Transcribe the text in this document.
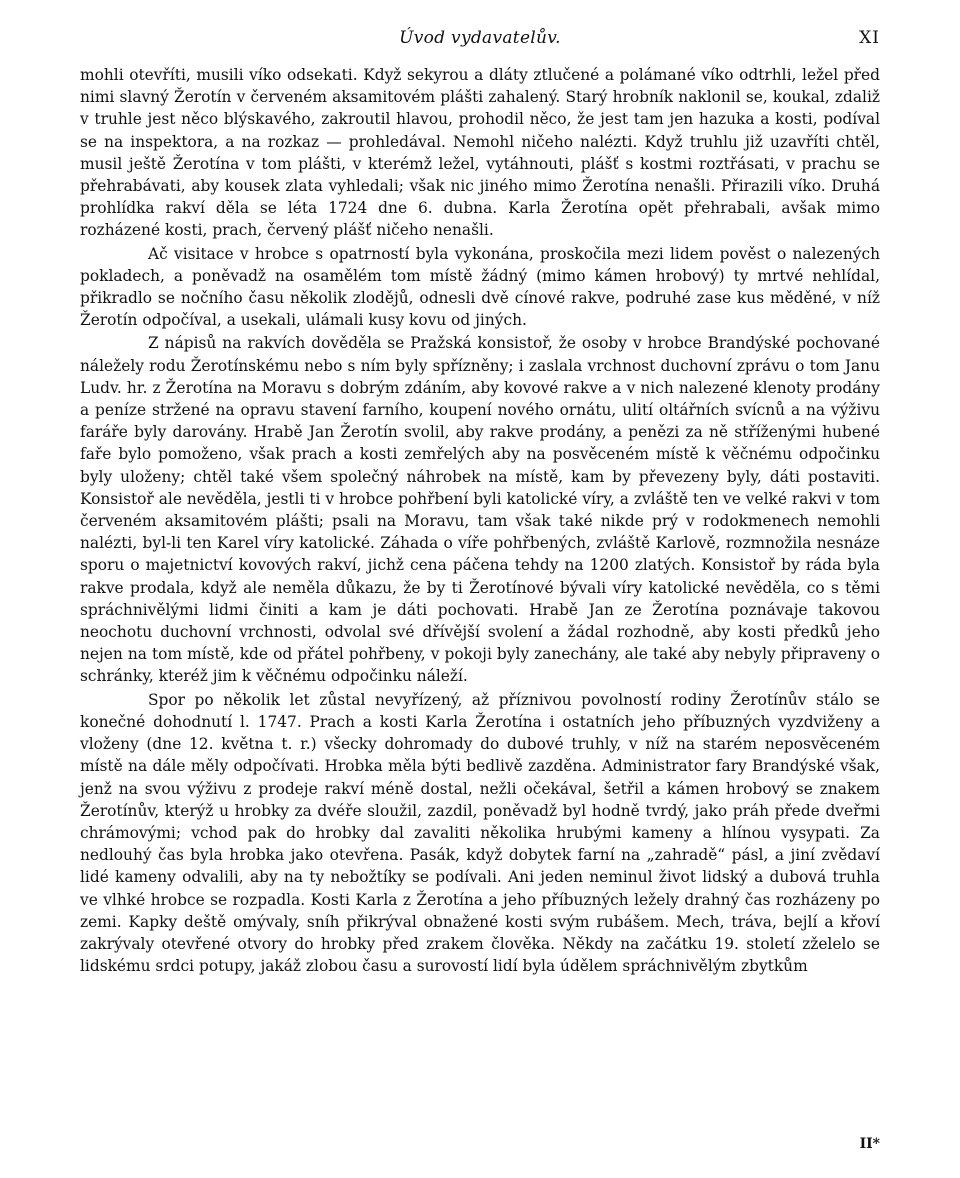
Úvod vydavatelův.	XI

mohli otevříti, musili víko odsekati. Když sekyrou a dláty ztlučené a polámané víko odtrhli, ležel před nimi slavný Žerotín v červeném aksamitovém plášti zahalený. Starý hrobník naklonil se, koukal, zdaliž v truhle jest něco blýskavého, zakroutil hlavou, prohodil něco, že jest tam jen hazuka a kosti, podíval se na inspektora, a na rozkaz — prohledával. Nemohl ničeho nalézti. Když truhlu již uzavříti chtěl, musil ještě Žerotína v tom plášti, v kterémž ležel, vytáhnouti, plášť s kostmi roztřásati, v prachu se přehrabávati, aby kousek zlata vyhledali; však nic jiného mimo Žerotína nenašli. Přirazili víko. Druhá prohlídka rakví děla se léta 1724 dne 6. dubna. Karla Žerotína opět přehrabali, avšak mimo rozházené kosti, prach, červený plášť ničeho nenašli.

Ač visitace v hrobce s opatrností byla vykonána, proskočila mezi lidem pověst o nalezených pokladech, a poněvadž na osamělém tom místě žádný (mimo kámen hrobový) ty mrtvé nehlídal, přikradlo se nočního času několik zlodějů, odnesli dvě cínové rakve, podruhé zase kus měděné, v níž Žerotín odpočíval, a usekali, ulámali kusy kovu od jiných.

Z nápisů na rakvích dověděla se Pražská konsistoř, že osoby v hrobce Brandýské pochované náležely rodu Žerotínskému nebo s ním byly spřízněny; i zaslala vrchnost duchovní zprávu o tom Janu Ludv. hr. z Žerotína na Moravu s dobrým zdáním, aby kovové rakve a v nich nalezené klenoty prodány a peníze stržené na opravu stavení farního, koupení nového ornátu, ulití oltářních svícnů a na výživu faráře byly darovány. Hrabě Jan Žerotín svolil, aby rakve prodány, a penězi za ně stříženými hubené faře bylo pomoženo, však prach a kosti zemřelých aby na posvěceném místě k věčnému odpočinku byly uloženy; chtěl také všem společný náhrobek na místě, kam by převezeny byly, dáti postaviti. Konsistoř ale nevěděla, jestli ti v hrobce pohřbení byli katolické víry, a zvláště ten ve velké rakvi v tom červeném aksamitovém plášti; psali na Moravu, tam však také nikde prý v rodokmenech nemohli nalézti, byl-li ten Karel víry katolické. Záhada o víře pohřbených, zvláště Karlově, rozmnožila nesnáze sporu o majetnictví kovových rakví, jichž cena páčena tehdy na 1200 zlatých. Konsistoř by ráda byla rakve prodala, když ale neměla důkazu, že by ti Žerotínové bývali víry katolické nevěděla, co s těmi spráchnivělými lidmi činiti a kam je dáti pochovati. Hrabě Jan ze Žerotína poznávaje takovou neochotu duchovní vrchnosti, odvolal své dřívější svolení a žádal rozhodně, aby kosti předků jeho nejen na tom místě, kde od přátel pohřbeny, v pokoji byly zanechány, ale také aby nebyly připraveny o schránky, kteréž jim k věčnému odpočinku náleží.

Spor po několik let zůstal nevyřízený, až příznivou povolností rodiny Žerotínův stálo se konečné dohodnutí l. 1747. Prach a kosti Karla Žerotína i ostatních jeho příbuzných vyzdviženy a vloženy (dne 12. května t. r.) všecky dohromady do dubové truhly, v níž na starém neposvěceném místě na dále měly odpočívati. Hrobka měla býti bedlivě zazděna. Administrator fary Brandýské však, jenž na svou výživu z prodeje rakví méně dostal, nežli očekával, šetřil a kámen hrobový se znakem Žerotínův, kterýž u hrobky za dvéře sloužil, zazdil, poněvadž byl hodně tvrdý, jako práh přede dveřmi chrámovými; vchod pak do hrobky dal zavaliti několika hrubými kameny a hlínou vysypati. Za nedlouhý čas byla hrobka jako otevřena. Pasák, když dobytek farní na „zahradě“ pásl, a jiní zvědaví lidé kameny odvalili, aby na ty nebožtíky se podívali. Ani jeden neminul život lidský a dubová truhla ve vlhké hrobce se rozpadla. Kosti Karla z Žerotína a jeho příbuzných ležely drahný čas rozházeny po zemi. Kapky deště omývaly, sníh přikrýval obnažené kosti svým rubášem. Mech, tráva, bejlí a křoví zakrývaly otevřené otvory do hrobky před zrakem člověka. Někdy na začátku 19. století zželelo se lidskému srdci potupy, jakáž zlobou času a surovostí lidí byla údělem spráchnivělým zbytkům

II*
